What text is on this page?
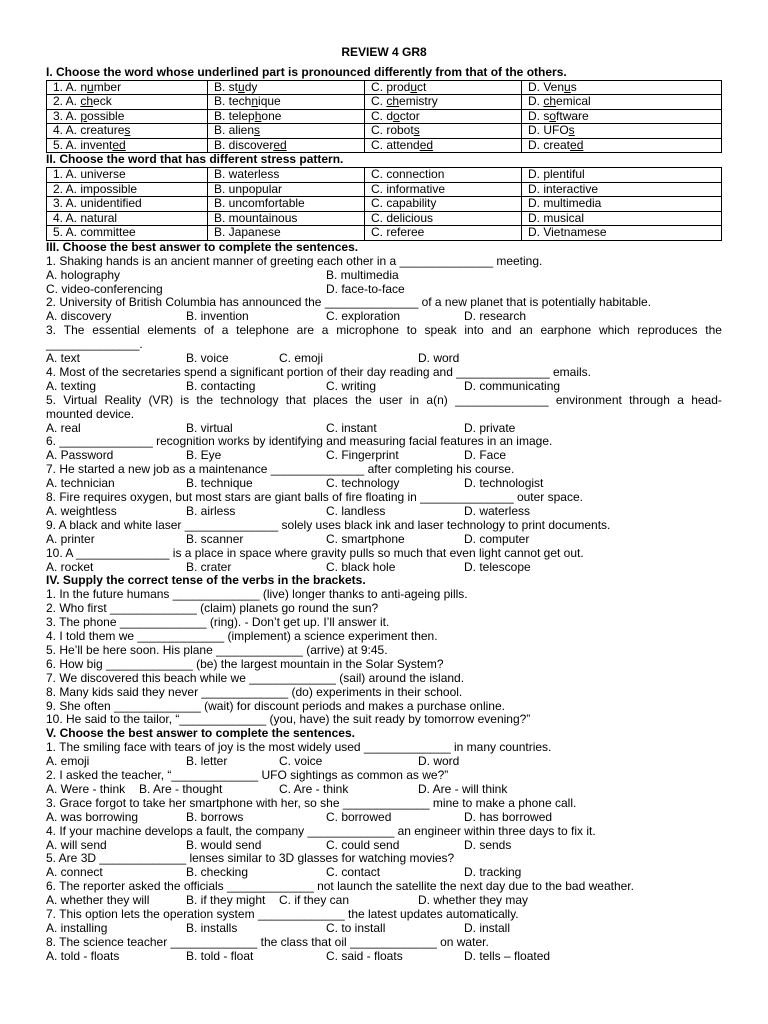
REVIEW 4 GR8
I. Choose the word whose underlined part is pronounced differently from that of the others.
1. A. number	B. study	C. product	D. Venus
2. A. check	B. technique	C. chemistry	D. chemical
3. A. possible	B. telephone	C. doctor	D. software
4. A. creatures	B. aliens	C. robots	D. UFOs
5. A. invented	B. discovered	C. attended	D. created
II. Choose the word that has different stress pattern.
1. A. universe	B. waterless	C. connection	D. plentiful
2. A. impossible	B. unpopular	C. informative	D. interactive
3. A. unidentified	B. uncomfortable	C. capability	D. multimedia
4. A. natural	B. mountainous	C. delicious	D. musical
5. A. committee	B. Japanese	C. referee	D. Vietnamese
III. Choose the best answer to complete the sentences.
1. Shaking hands is an ancient manner of greeting each other in a ______________ meeting.
A. holography	B. multimedia
C. video-conferencing	D. face-to-face
2. University of British Columbia has announced the ______________ of a new planet that is potentially habitable.
A. discovery	B. invention	C. exploration	D. research
3. The essential elements of a telephone are a microphone to speak into and an earphone which reproduces the
______________.
A. text	B. voice	C. emoji	D. word
4. Most of the secretaries spend a significant portion of their day reading and ______________ emails.
A. texting	B. contacting	C. writing	D. communicating
5. Virtual Reality (VR) is the technology that places the user in a(n) ______________ environment through a head-
mounted device.
A. real	B. virtual	C. instant	D. private
6. ______________ recognition works by identifying and measuring facial features in an image.
A. Password	B. Eye	C. Fingerprint	D. Face
7. He started a new job as a maintenance ______________ after completing his course.
A. technician	B. technique	C. technology	D. technologist
8. Fire requires oxygen, but most stars are giant balls of fire floating in ______________ outer space.
A. weightless	B. airless	C. landless	D. waterless
9. A black and white laser ______________ solely uses black ink and laser technology to print documents.
A. printer	B. scanner	C. smartphone	D. computer
10. A ______________ is a place in space where gravity pulls so much that even light cannot get out.
A. rocket	B. crater	C. black hole	D. telescope
IV. Supply the correct tense of the verbs in the brackets.
1. In the future humans _____________ (live) longer thanks to anti-ageing pills.
2. Who first _____________ (claim) planets go round the sun?
3. The phone _____________ (ring). - Don’t get up. I’ll answer it.
4. I told them we _____________ (implement) a science experiment then.
5. He’ll be here soon. His plane _____________ (arrive) at 9:45.
6. How big _____________ (be) the largest mountain in the Solar System?
7. We discovered this beach while we _____________ (sail) around the island.
8. Many kids said they never _____________ (do) experiments in their school.
9. She often _____________ (wait) for discount periods and makes a purchase online.
10. He said to the tailor, “_____________ (you, have) the suit ready by tomorrow evening?”
V. Choose the best answer to complete the sentences.
1. The smiling face with tears of joy is the most widely used _____________ in many countries.
A. emoji	B. letter	C. voice	D. word
2. I asked the teacher, “_____________ UFO sightings as common as we?”
A. Were - think B. Are - thought	C. Are - think	D. Are - will think
3. Grace forgot to take her smartphone with her, so she _____________ mine to make a phone call.
A. was borrowing	B. borrows	C. borrowed	D. has borrowed
4. If your machine develops a fault, the company _____________ an engineer within three days to fix it.
A. will send	B. would send	C. could send	D. sends
5. Are 3D _____________ lenses similar to 3D glasses for watching movies?
A. connect	B. checking	C. contact	D. tracking
6. The reporter asked the officials _____________ not launch the satellite the next day due to the bad weather.
A. whether they will	B. if they might C. if they can	D. whether they may
7. This option lets the operation system _____________ the latest updates automatically.
A. installing	B. installs	C. to install	D. install
8. The science teacher _____________ the class that oil _____________ on water.
A. told - floats	B. told - float	C. said - floats	D. tells – floated
